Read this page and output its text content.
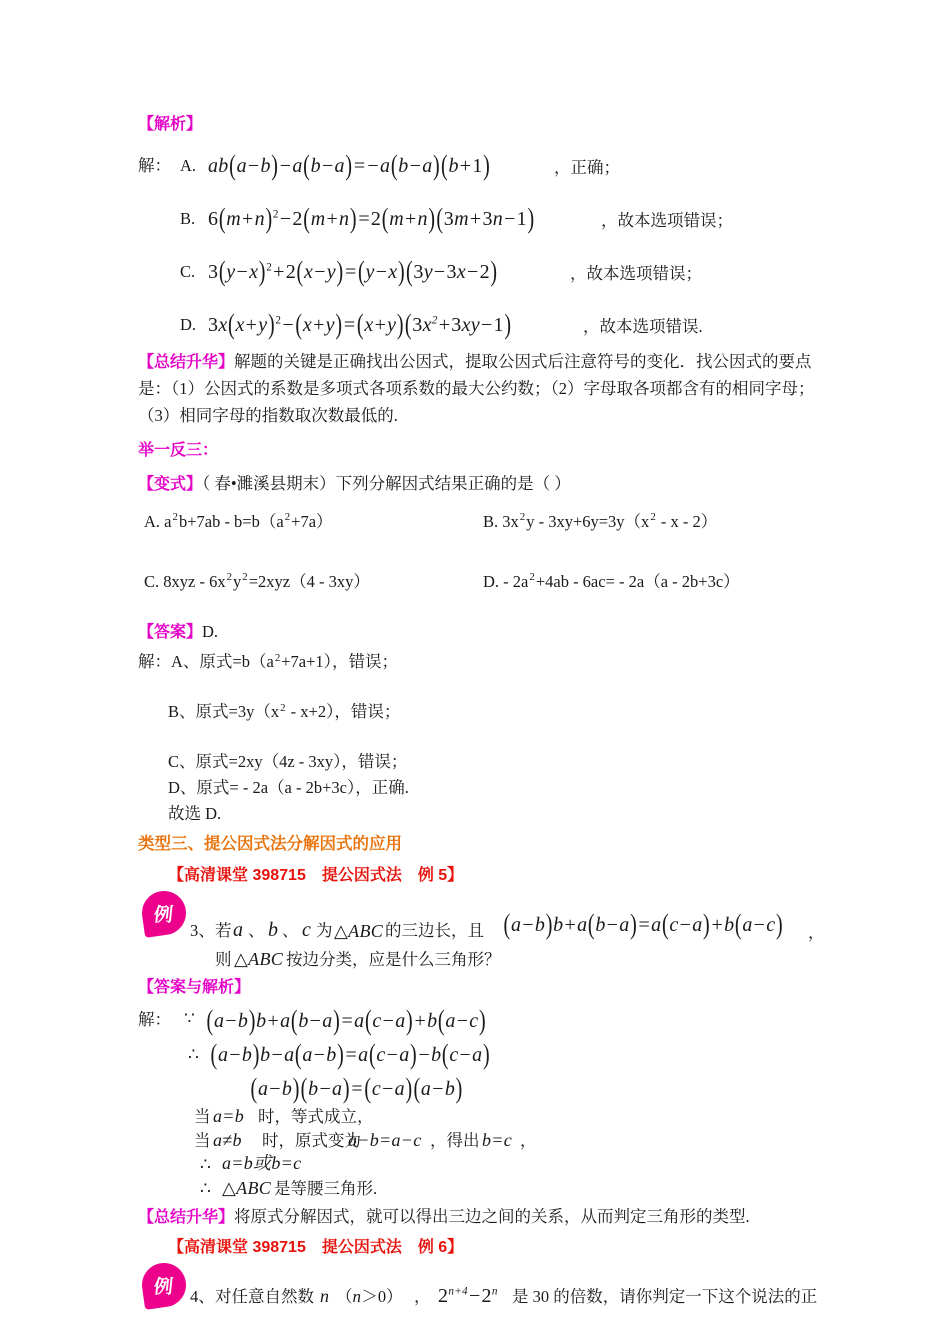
【解析】
解： A. ab(a−b)−a(b−a)= −a(b−a)(b+1)	，正确；
B. $6(m+n)^2-2(m+n)=2(m+n)(3m+3n-1)$	，故本选项错误；
C. $3(y-x)^2+2(x-y)=(y-x)(3y-3x-2)$	，故本选项错误；
D. $3x(x+y)^2-(x+y)=(x+y)(3x^2+3xy-1)$	，故本选项错误.
【总结升华】解题的关键是正确找出公因式，提取公因式后注意符号的变化．找公因式的要点是：（1）公因式的系数是多项式各项系数的最大公约数；（2）字母取各项都含有的相同字母；（3）相同字母的指数取次数最低的.
举一反三：
【变式】（ 春•濉溪县期末）下列分解因式结果正确的是（ ）
A. $a^2b+7ab - b=b(a^2+7a)$	B. $3x^2y - 3xy+6y=3y(x^2 - x - 2)$
C. $8xyz - 6x^2y^2=2xyz(4 - 3xy)$	D. - $2a^2+4ab - 6ac= - 2a(a - 2b+3c)$
【答案】D.
解：A、原式$=b(a^2+7a+1)$，错误；
B、原式$=3y(x^2 - x+2)$，错误；
C、原式=2xy（4z - 3xy），错误；
D、原式= - 2a（a - 2b+3c），正确.
故选 D.
类型三、提公因式法分解因式的应用
【高清课堂 398715　提公因式法　例 5】
例
3、 若 a 、 b 、 c 为 △ABC 的三边长，且 (a−b)b+a(b−a)=a(c−a)+b(a−c) ，
则 △ABC 按边分类，应是什么三角形？
【答案与解析】
解： ∵ (a−b)b+a(b−a)=a(c−a)+b(a−c)
∴ (a−b)b−a(a−b)=a(c−a)−b(c−a)
(a−b)(b−a)=(c−a)(a−b)
当 a=b 时，等式成立，
当 a≠b 时，原式变为
a−b=a−c ，得出 b=c ，
∴ a=b或b=c
∴ △ABC 是等腰三角形.
【总结升华】将原式分解因式，就可以得出三边之间的关系，从而判定三角形的类型.
【高清课堂 398715　提公因式法　例 6】
例 4、 对任意自然数 n （n＞0） ， $2^{n+4}-2^n$ 是 30 的倍数，请你判定一下这个说法的正
